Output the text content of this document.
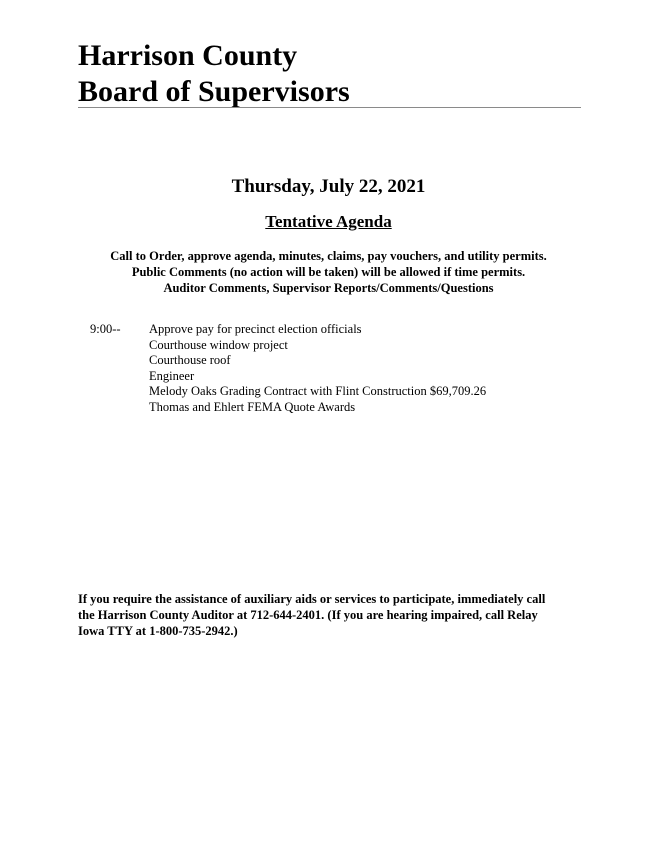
Harrison County
Board of Supervisors
Thursday, July 22, 2021
Tentative Agenda
Call to Order, approve agenda, minutes, claims, pay vouchers, and utility permits.
Public Comments (no action will be taken) will be allowed if time permits.
Auditor Comments, Supervisor Reports/Comments/Questions
9:00-- Approve pay for precinct election officials
Courthouse window project
Courthouse roof
Engineer
Melody Oaks Grading Contract with Flint Construction $69,709.26
Thomas and Ehlert FEMA Quote Awards
If you require the assistance of auxiliary aids or services to participate, immediately call
the Harrison County Auditor at 712-644-2401. (If you are hearing impaired, call Relay
Iowa TTY at 1-800-735-2942.)
